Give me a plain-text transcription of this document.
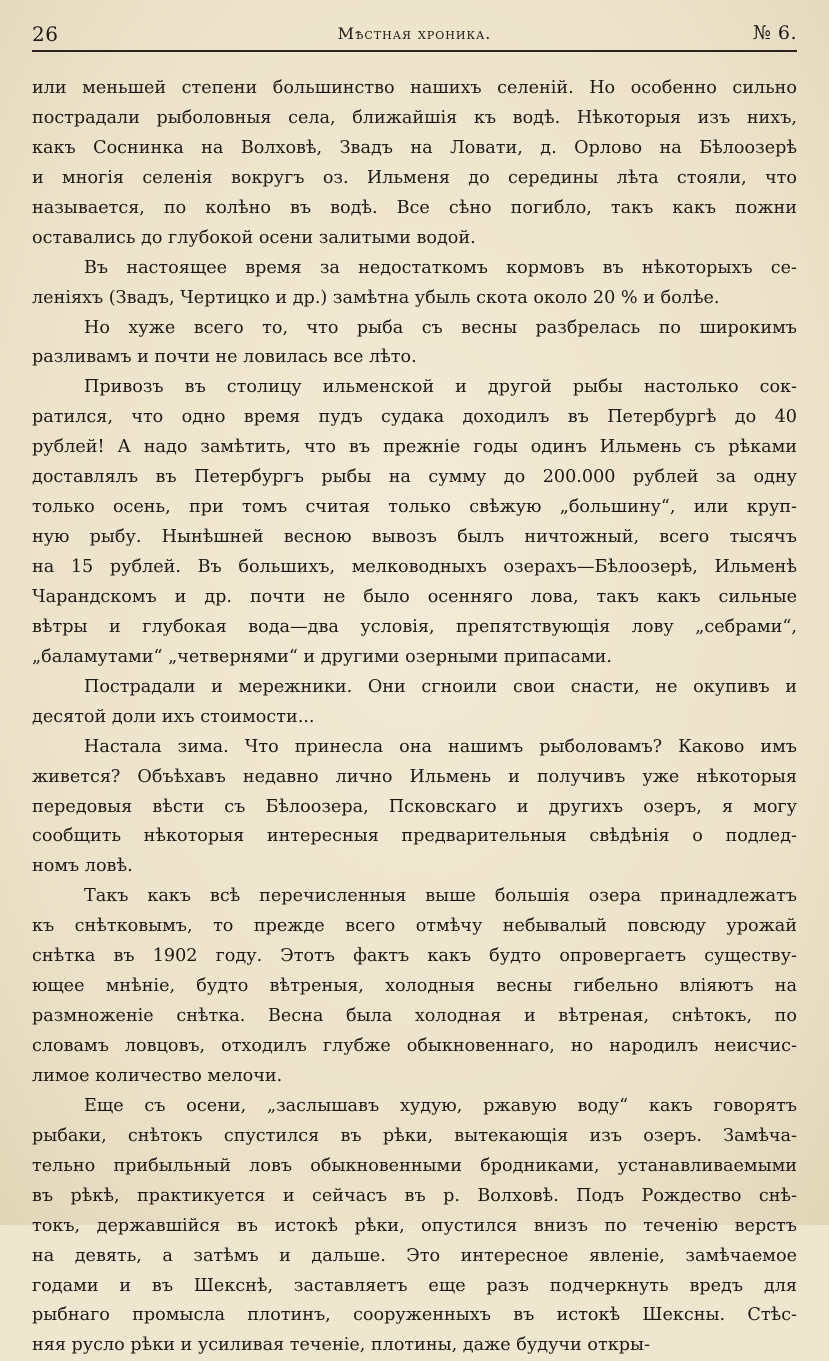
26	Мѣстная хроника.	№ 6.
или меньшей степени большинство нашихъ селеній. Но особенно сильно
пострадали рыболовныя села, ближайшія къ водѣ. Нѣкоторыя изъ нихъ,
какъ Соснинка на Волховѣ, Звадъ на Ловати, д. Орлово на Бѣлоозерѣ
и многія селенія вокругъ оз. Ильменя до середины лѣта стояли, что
называется, по колѣно въ водѣ. Все сѣно погибло, такъ какъ пожни
оставались до глубокой осени залитыми водой.
Въ настоящее время за недостаткомъ кормовъ въ нѣкоторыхъ се-
леніяхъ (Звадъ, Чертицко и др.) замѣтна убыль скота около 20 % и болѣе.
Но хуже всего то, что рыба съ весны разбрелась по широкимъ
разливамъ и почти не ловилась все лѣто.
Привозъ въ столицу ильменской и другой рыбы настолько сок-
ратился, что одно время пудъ судака доходилъ въ Петербургѣ до 40
рублей! А надо замѣтить, что въ прежніе годы одинъ Ильмень съ рѣками
доставлялъ въ Петербургъ рыбы на сумму до 200.000 рублей за одну
только осень, при томъ считая только свѣжую „большину“, или круп-
ную рыбу. Нынѣшней весною вывозъ былъ ничтожный, всего тысячъ
на 15 рублей. Въ большихъ, мелководныхъ озерахъ—Бѣлоозерѣ, Ильменѣ
Чарандскомъ и др. почти не было осенняго лова, такъ какъ сильные
вѣтры и глубокая вода—два условія, препятствующія лову „себрами“,
„баламутами“ „четвернями“ и другими озерными припасами.
Пострадали и мережники. Они сгноили свои снасти, не окупивъ и
десятой доли ихъ стоимости...
Настала зима. Что принесла она нашимъ рыболовамъ? Каково имъ
живется? Объѣхавъ недавно лично Ильмень и получивъ уже нѣкоторыя
передовыя вѣсти съ Бѣлоозера, Псковскаго и другихъ озеръ, я могу
сообщить нѣкоторыя интересныя предварительныя свѣдѣнія о подлед-
номъ ловѣ.
Такъ какъ всѣ перечисленныя выше большія озера принадлежатъ
къ снѣтковымъ, то прежде всего отмѣчу небывалый повсюду урожай
снѣтка въ 1902 году. Этотъ фактъ какъ будто опровергаетъ существу-
ющее мнѣніе, будто вѣтреныя, холодныя весны гибельно вліяютъ на
размноженіе снѣтка. Весна была холодная и вѣтреная, снѣтокъ, по
словамъ ловцовъ, отходилъ глубже обыкновеннаго, но народилъ неисчис-
лимое количество мелочи.
Еще съ осени, „заслышавъ худую, ржавую воду“ какъ говорятъ
рыбаки, снѣтокъ спустился въ рѣки, вытекающія изъ озеръ. Замѣча-
тельно прибыльный ловъ обыкновенными бродниками, устанавливаемыми
въ рѣкѣ, практикуется и сейчасъ въ р. Волховѣ. Подъ Рождество снѣ-
токъ, державшійся въ истокѣ рѣки, опустился внизъ по теченію верстъ
на девять, а затѣмъ и дальше. Это интересное явленіе, замѣчаемое
годами и въ Шекснѣ, заставляетъ еще разъ подчеркнуть вредъ для
рыбнаго промысла плотинъ, сооруженныхъ въ истокѣ Шексны. Стѣс-
няя русло рѣки и усиливая теченіе, плотины, даже будучи откры-
